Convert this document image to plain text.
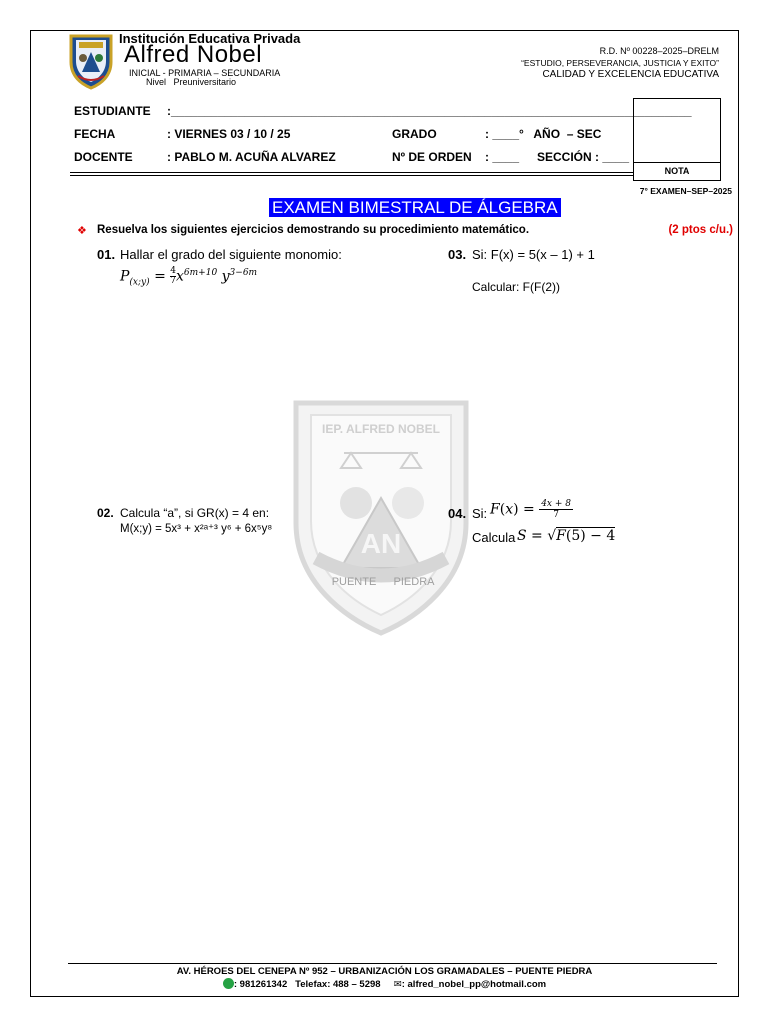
Institución Educativa Privada
Alfred Nobel
INICIAL - PRIMARIA – SECUNDARIA
Nivel   Preuniversitario
R.D. Nº 00228–2025–DRELM
“ESTUDIO, PERSEVERANCIA, JUSTICIA Y EXITO”
CALIDAD Y EXCELENCIA EDUCATIVA
ESTUDIANTE :______________________________________________________________________________
FECHA	: VIERNES 03 / 10 / 25	GRADO	: ____°   AÑO  – SEC
DOCENTE	: PABLO M. ACUÑA ALVAREZ	Nº DE ORDEN : ____ SECCIÓN : ____
NOTA
7° EXAMEN–SEP–2025
EXAMEN BIMESTRAL DE ÁLGEBRA
❖ Resuelva los siguientes ejercicios demostrando su procedimiento matemático.	(2 ptos c/u.)
IEP. ALFRED NOBEL
AN
PUENTE PIEDRA
01. Hallar el grado del siguiente monomio:
$P_{(x;y)} = \frac{4}{7} x^{6m+10}$ $y^{3-6m}$
03. Si: F(x) = 5(x – 1) + 1
Calcular: F(F(2))
02. Calcula “a”, si GR(x) = 4 en:
M(x;y) = 5x³ + x²ᵃ⁺³ y⁶ + 6x⁵y⁸
04. Si: $F(x) = \frac{4x + 8}{7}$
Calcula S = √F(5) − 4
AV. HÉROES DEL CENEPA Nº 952 – URBANIZACIÓN LOS GRAMADALES – PUENTE PIEDRA
: 981261342 Telefax: 488 – 5298 ✉: alfred_nobel_pp@hotmail.com
